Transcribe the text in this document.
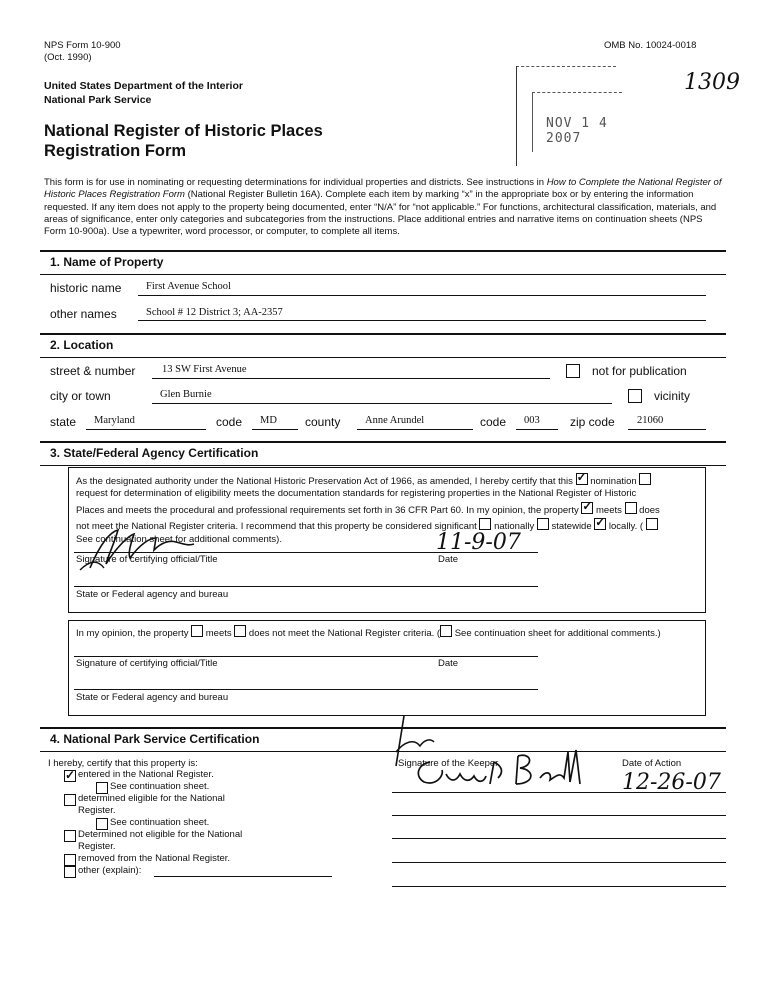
NPS Form 10-900
(Oct. 1990)
OMB No. 10024-0018
United States Department of the Interior
National Park Service
National Register of Historic Places
Registration Form
NOV 1 4 2007
1309
This form is for use in nominating or requesting determinations for individual properties and districts. See instructions in How to Complete the National Register of Historic Places Registration Form (National Register Bulletin 16A). Complete each item by marking “x” in the appropriate box or by entering the information requested. If any item does not apply to the property being documented, enter “N/A” for “not applicable.” For functions, architectural classification, materials, and areas of significance, enter only categories and subcategories from the instructions. Place additional entries and narrative items on continuation sheets (NPS Form 10-900a). Use a typewriter, word processor, or computer, to complete all items.
1. Name of Property
historic name First Avenue School
other names	School # 12 District 3; AA-2357
2. Location
street & number	13 SW First Avenue	not for publication
city or town	Glen Burnie	vicinity
state Maryland	code MD county Anne Arundel	code 003	zip code 21060
3. State/Federal Agency Certification
As the designated authority under the National Historic Preservation Act of 1966, as amended, I hereby certify that this ✓ nomination
request for determination of eligibility meets the documentation standards for registering properties in the National Register of Historic
Places and meets the procedural and professional requirements set forth in 36 CFR Part 60. In my opinion, the property ✓ meets does
not meet the National Register criteria. I recommend that this property be considered significant nationally statewide ✓ locally. (
See continuation sheet for additional comments).	11-9-07
Signature of certifying official/Title	Date
State or Federal agency and bureau
In my opinion, the property meets does not meet the National Register criteria. ( See continuation sheet for additional comments.)
Signature of certifying official/Title	Date
State or Federal agency and bureau
4. National Park Service Certification
I hereby, certify that this property is:
✓
entered in the National Register.
See continuation sheet.
determined eligible for the National
Register.
See continuation sheet.
Determined not eligible for the National
Register.
removed from the National Register.
other (explain):
Signature of the Keeper	Date of Action
12-26-07
